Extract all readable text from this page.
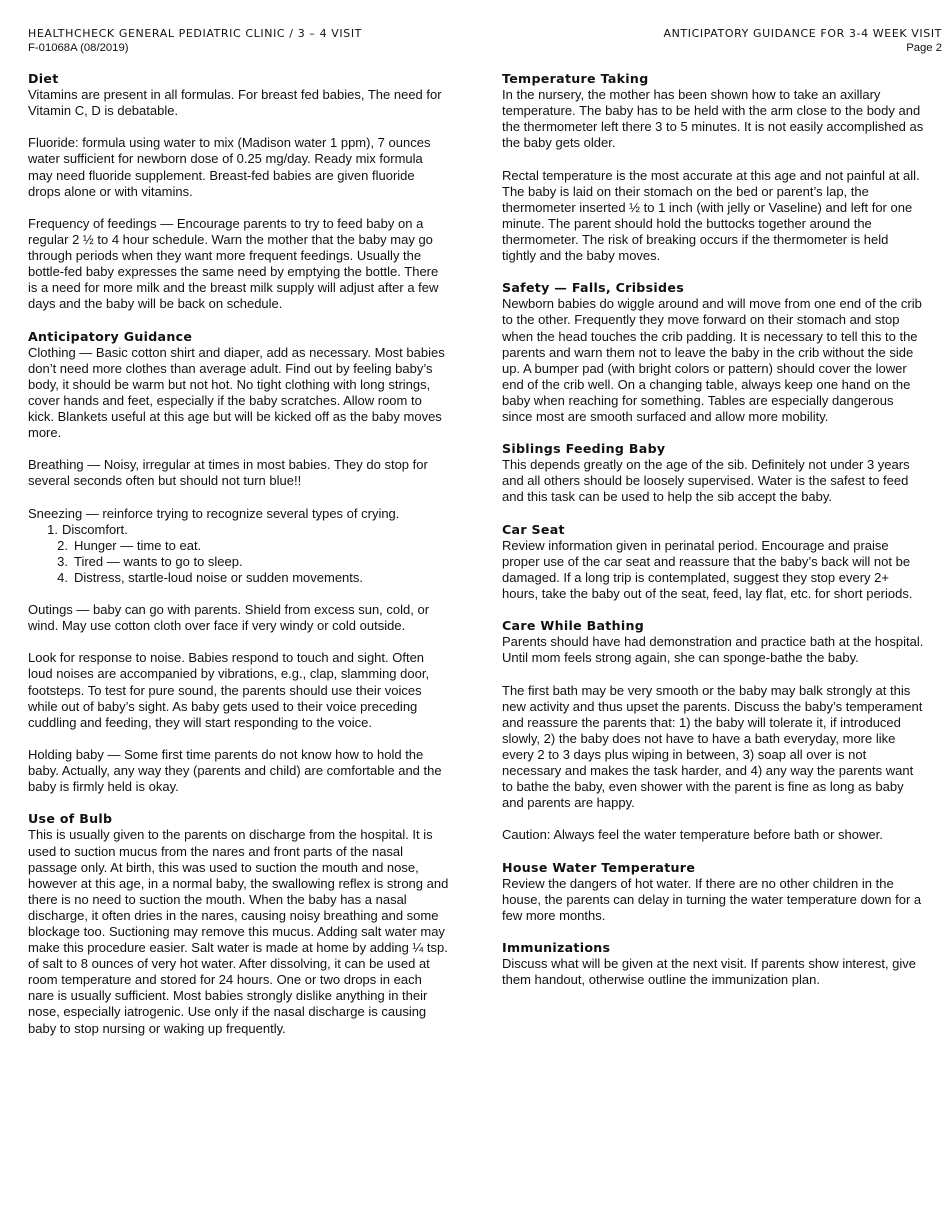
HEALTHCHECK GENERAL PEDIATRIC CLINIC / 3 – 4 VISIT
F-01068A (08/2019)
ANTICIPATORY GUIDANCE FOR 3-4 WEEK VISIT
Page 2
Diet

Vitamins are present in all formulas. For breast fed babies, The need for Vitamin C, D is debatable.

Fluoride: formula using water to mix (Madison water 1 ppm), 7 ounces water sufficient for newborn dose of 0.25 mg/day. Ready mix formula may need fluoride supplement. Breast-fed babies are given fluoride drops alone or with vitamins.

Frequency of feedings — Encourage parents to try to feed baby on a regular 2 ½ to 4 hour schedule. Warn the mother that the baby may go through periods when they want more frequent feedings. Usually the bottle-fed baby expresses the same need by emptying the bottle. There is a need for more milk and the breast milk supply will adjust after a few days and the baby will be back on schedule.

Anticipatory Guidance

Clothing — Basic cotton shirt and diaper, add as necessary. Most babies don’t need more clothes than average adult. Find out by feeling baby’s body, it should be warm but not hot. No tight clothing with long strings, cover hands and feet, especially if the baby scratches. Allow room to kick. Blankets useful at this age but will be kicked off as the baby moves more.

Breathing — Noisy, irregular at times in most babies. They do stop for several seconds often but should not turn blue!!

Sneezing — reinforce trying to recognize several types of crying.

1. Discomfort.
2. Hunger — time to eat.
3. Tired — wants to go to sleep.
4. Distress, startle-loud noise or sudden movements.

Outings — baby can go with parents. Shield from excess sun, cold, or wind. May use cotton cloth over face if very windy or cold outside.

Look for response to noise. Babies respond to touch and sight. Often loud noises are accompanied by vibrations, e.g., clap, slamming door, footsteps. To test for pure sound, the parents should use their voices while out of baby’s sight. As baby gets used to their voice preceding cuddling and feeding, they will start responding to the voice.

Holding baby — Some first time parents do not know how to hold the baby. Actually, any way they (parents and child) are comfortable and the baby is firmly held is okay.

Use of Bulb

This is usually given to the parents on discharge from the hospital. It is used to suction mucus from the nares and front parts of the nasal passage only. At birth, this was used to suction the mouth and nose, however at this age, in a normal baby, the swallowing reflex is strong and there is no need to suction the mouth. When the baby has a nasal discharge, it often dries in the nares, causing noisy breathing and some blockage too. Suctioning may remove this mucus. Adding salt water may make this procedure easier. Salt water is made at home by adding ¼ tsp. of salt to 8 ounces of very hot water. After dissolving, it can be used at room temperature and stored for 24 hours. One or two drops in each nare is usually sufficient. Most babies strongly dislike anything in their nose, especially iatrogenic. Use only if the nasal discharge is causing baby to stop nursing or waking up frequently.

Temperature Taking

In the nursery, the mother has been shown how to take an axillary temperature. The baby has to be held with the arm close to the body and the thermometer left there 3 to 5 minutes. It is not easily accomplished as the baby gets older.

Rectal temperature is the most accurate at this age and not painful at all. The baby is laid on their stomach on the bed or parent’s lap, the thermometer inserted ½ to 1 inch (with jelly or Vaseline) and left for one minute. The parent should hold the buttocks together around the thermometer. The risk of breaking occurs if the thermometer is held tightly and the baby moves.

Safety — Falls, Cribsides

Newborn babies do wiggle around and will move from one end of the crib to the other. Frequently they move forward on their stomach and stop when the head touches the crib padding. It is necessary to tell this to the parents and warn them not to leave the baby in the crib without the side up. A bumper pad (with bright colors or pattern) should cover the lower end of the crib well. On a changing table, always keep one hand on the baby when reaching for something. Tables are especially dangerous since most are smooth surfaced and allow more mobility.

Siblings Feeding Baby

This depends greatly on the age of the sib. Definitely not under 3 years and all others should be loosely supervised. Water is the safest to feed and this task can be used to help the sib accept the baby.

Car Seat

Review information given in perinatal period. Encourage and praise proper use of the car seat and reassure that the baby’s back will not be damaged. If a long trip is contemplated, suggest they stop every 2+ hours, take the baby out of the seat, feed, lay flat, etc. for short periods.

Care While Bathing

Parents should have had demonstration and practice bath at the hospital. Until mom feels strong again, she can sponge-bathe the baby.

The first bath may be very smooth or the baby may balk strongly at this new activity and thus upset the parents. Discuss the baby’s temperament and reassure the parents that: 1) the baby will tolerate it, if introduced slowly, 2) the baby does not have to have a bath everyday, more like every 2 to 3 days plus wiping in between, 3) soap all over is not necessary and makes the task harder, and 4) any way the parents want to bathe the baby, even shower with the parent is fine as long as baby and parents are happy.

Caution: Always feel the water temperature before bath or shower.

House Water Temperature

Review the dangers of hot water. If there are no other children in the house, the parents can delay in turning the water temperature down for a few more months.

Immunizations

Discuss what will be given at the next visit. If parents show interest, give them handout, otherwise outline the immunization plan.
